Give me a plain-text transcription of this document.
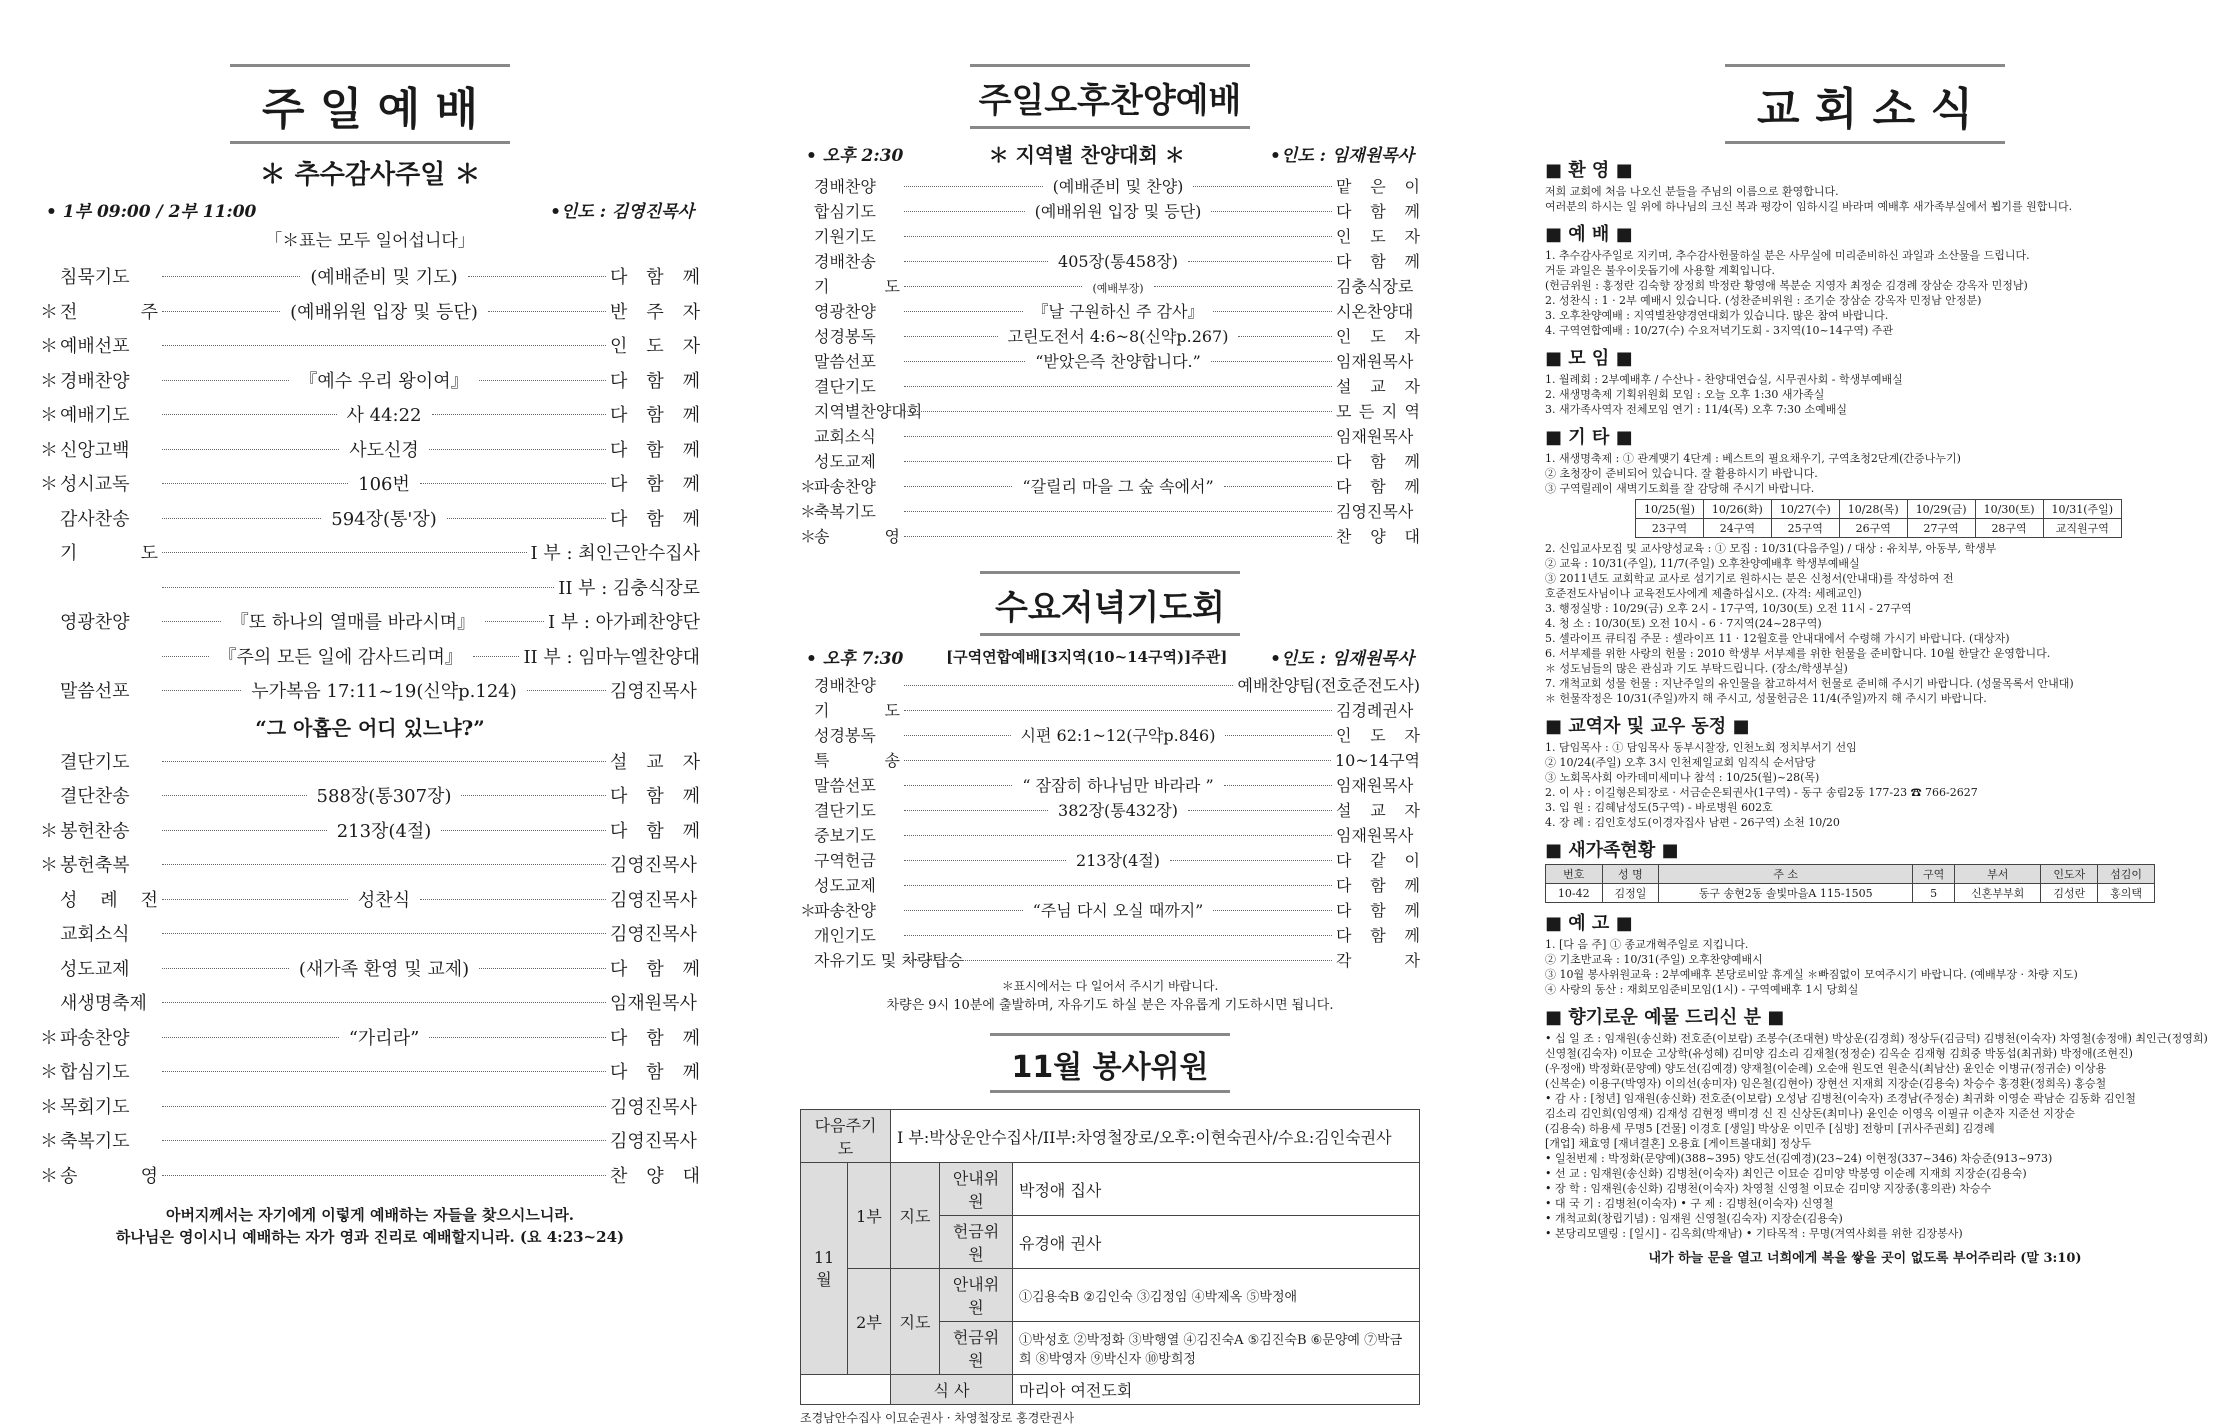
주 일 예 배
＊ 추수감사주일 ＊
• 1부 09:00 / 2부 11:00	•인도 : 김영진목사
「＊표는 모두 일어섭니다」
침묵기도	(예배준비 및 기도)	다 함 께
＊ 전 주	(예배위원 입장 및 등단)	반 주 자
＊ 예배선포	인 도 자
＊ 경배찬양	『예수 우리 왕이여』	다 함 께
＊ 예배기도	사 44:22	다 함 께
＊ 신앙고백	사도신경	다 함 께
＊ 성시교독	106번	다 함 께
감사찬송	594장(통'장)	다 함 께
기 도	I 부 : 최인근안수집사
II 부 : 김충식장로
영광찬양	『또 하나의 열매를 바라시며』	I 부 : 아가페찬양단
『주의 모든 일에 감사드리며』	II 부 : 임마누엘찬양대
말씀선포	누가복음 17:11~19(신약p.124)	김영진목사
“그 아홉은 어디 있느냐?”
결단기도	설 교 자
결단찬송	588장(통307장)	다 함 께
＊ 봉헌찬송	213장(4절)	다 함 께
＊ 봉헌축복	김영진목사
성 례 전	성찬식	김영진목사
교회소식	김영진목사
성도교제	(새가족 환영 및 교제)	다 함 께
새생명축제	임재원목사
＊ 파송찬양	“가리라”	다 함 께
＊ 합심기도	다 함 께
＊ 목회기도	김영진목사
＊ 축복기도	김영진목사
＊ 송 영	찬 양 대
아버지께서는 자기에게 이렇게 예배하는 자들을 찾으시느니라.
하나님은 영이시니 예배하는 자가 영과 진리로 예배할지니라. (요 4:23~24)
주일오후찬양예배
• 오후 2:30	＊ 지역별 찬양대회 ＊	•인도 : 임재원목사
경배찬양	(예배준비 및 찬양)	맡 은 이
합심기도	(예배위원 입장 및 등단)	다 함 께
기원기도	인 도 자
경배찬송	405장(통458장)	다 함 께
기 도	(예배부장)	김충식장로
영광찬양	『날 구원하신 주 감사』	시온찬양대
성경봉독	고린도전서 4:6~8(신약p.267)	인 도 자
말씀선포	“받았은즉 찬양합니다.”	임재원목사
결단기도	설 교 자
지역별찬양대회	모 든 지 역
교회소식	임재원목사
성도교제	다 함 께
＊
파송찬양	“갈릴리 마을 그 숲 속에서”	다 함 께
＊
축복기도	김영진목사
＊
송 영	찬 양 대
수요저녁기도회
• 오후 7:30	[구역연합예배[3지역(10~14구역)]주관]	•인도 : 임재원목사
경배찬양	예배찬양팀(전호준전도사)
기 도	김경례권사
성경봉독	시편 62:1~12(구약p.846)	인 도 자
특 송	10~14구역
말씀선포	“ 잠잠히 하나님만 바라라 ”	임재원목사
결단기도	382장(통432장)	설 교 자
중보기도	임재원목사
구역헌금	213장(4절)	다 같 이
성도교제	다 함 께
＊
파송찬양	“주님 다시 오실 때까지”	다 함 께
개인기도	다 함 께
자유기도 및 차량탑승	각 자
＊표시에서는 다 일어서 주시기 바랍니다.
차량은 9시 10분에 출발하며, 자유기도 하실 분은 자유롭게 기도하시면 됩니다.
11월 봉사위원
다음주기도		I 부:박상운안수집사/II부:차영철장로/오후:이현숙권사/수요:김인숙권사		
11월	1부	지도	안내위원	박정애 집사
			헌금위원	유경애 권사
	2부	지도	안내위원	①김용숙B ②김인숙 ③김정임 ④박제옥 ⑤박정애
			헌금위원	①박성호 ②박정화 ③박행열 ④김진숙A ⑤김진숙B ⑥문양예 ⑦박금희 ⑧박영자 ⑨박신자 ⑩방희정
		식 사		마리아 여전도회
조경남안수집사 이묘순권사 · 차영철장로 홍경란권사
교 회 소 식
■ 환 영 ■
저희 교회에 처음 나오신 분들을 주님의 이름으로 환영합니다.
여러분의 하시는 일 위에 하나님의 크신 복과 평강이 임하시길 바라며 예배후 새가족부실에서 뵙기를 원합니다.
■ 예 배 ■
1. 추수감사주일로 지키며, 추수감사헌물하실 분은 사무실에 미리준비하신 과일과 소산물을 드립니다.
거둔 과일은 불우이웃돕기에 사용할 계획입니다.
(헌금위원 : 홍정란 김숙향 장정희 박정란 황영애 복분순 지영자 최정순 김경례 장삼순 강옥자 민정남)
2. 성찬식 : 1 · 2부 예배시 있습니다. (성찬준비위원 : 조기순 장삼순 강옥자 민정남 안정분)
3. 오후찬양예배 : 지역별찬양경연대회가 있습니다. 많은 참여 바랍니다.
4. 구역연합예배 : 10/27(수) 수요저녁기도회 - 3지역(10~14구역) 주관
■ 모 임 ■
1. 월례회 : 2부예배후 / 수산나 - 찬양대연습실, 시무권사회 - 학생부예배실
2. 새생명축제 기획위원회 모임 : 오늘 오후 1:30 새가족실
3. 새가족사역자 전체모임 연기 : 11/4(목) 오후 7:30 소예배실
■ 기 타 ■
1. 새생명축제 : ① 관계맺기 4단계 : 베스트의 필요채우기, 구역초청2단계(간증나누기)
② 초청장이 준비되어 있습니다. 잘 활용하시기 바랍니다.
③ 구역릴레이 새벽기도회를 잘 감당해 주시기 바랍니다.
10/25(월)	10/26(화)	10/27(수)	10/28(목)	10/29(금)	10/30(토)	10/31(주일)
23구역	24구역	25구역	26구역	27구역	28구역	교직원구역
2. 신입교사모집 및 교사양성교육 : ① 모집 : 10/31(다음주일) / 대상 : 유치부, 아동부, 학생부
② 교육 : 10/31(주일), 11/7(주일) 오후찬양예배후 학생부예배실
③ 2011년도 교회학교 교사로 섬기기로 원하시는 분은 신청서(안내대)를 작성하여 전
호준전도사님이나 교육전도사에게 제출하십시오. (자격: 세례교인)
3. 행정실방 : 10/29(금) 오후 2시 - 17구역, 10/30(토) 오전 11시 - 27구역
4. 청 소 : 10/30(토) 오전 10시 - 6 · 7지역(24~28구역)
5. 셀라이프 큐티집 주문 : 셀라이프 11 · 12월호를 안내대에서 수령해 가시기 바랍니다. (대상자)
6. 서부제를 위한 사랑의 헌물 : 2010 학생부 서부제를 위한 헌물을 준비합니다. 10월 한달간 운영합니다.
＊ 성도님들의 많은 관심과 기도 부탁드립니다. (장소/학생부실)
7. 개척교회 성물 헌물 : 지난주일의 유인물을 참고하셔서 헌물로 준비해 주시기 바랍니다. (성물목록서 안내대)
＊ 헌물작정은 10/31(주일)까지 해 주시고, 성물헌금은 11/4(주일)까지 해 주시기 바랍니다.
■ 교역자 및 교우 동정 ■
1. 담임목사 : ① 담임목사 동부시찰장, 인천노회 정치부서기 선임
② 10/24(주일) 오후 3시 인천제일교회 임직식 순서담당
③ 노회목사회 아카데미세미나 참석 : 10/25(월)~28(목)
2. 이 사 : 이길형은퇴장로 · 서금순은퇴권사(1구역) - 동구 송림2동 177-23 ☎ 766-2627
3. 입 원 : 김혜남성도(5구역) - 바로병원 602호
4. 장 례 : 김인호성도(이경자집사 남편 - 26구역) 소천 10/20
■ 새가족현황 ■
번호	성 명	주 소	구역	부서	인도자	섬김이
10-42	김정일	동구 송현2동 솔빛마을A 115-1505	5	신혼부부회	김성란	홍의택
■ 예 고 ■
1. [다 음 주] ① 종교개혁주일로 지킵니다.
② 기초반교육 : 10/31(주일) 오후찬양예배시
③ 10월 봉사위원교육 : 2부예배후 본당로비앞 휴게실 ＊빠짐없이 모여주시기 바랍니다. (예배부장 · 차량 지도)
④ 사랑의 동산 : 재회모임준비모임(1시) - 구역예배후 1시 당회실
■ 향기로운 예물 드리신 분 ■
• 십 일 조 : 임재원(송신화) 전호준(이보람) 조봉수(조대현) 박상운(김경희) 정상두(김금덕) 김병천(이숙자) 차영철(송정애) 최인근(정영희)
신영철(김숙자) 이묘순 고상학(유성혜) 김미양 김소리 김재철(정정순) 김옥순 김재형 김희중 박동섭(최귀화) 박정애(조현진)
(우정애) 박정화(문양예) 양도선(김예경) 양재철(이순례) 오순애 원도연 원춘식(최남산) 윤인순 이병규(정귀순) 이상용
(신복순) 이용구(박영자) 이의선(송미자) 임은철(김현아) 장현선 지재희 지장순(김용숙) 차승수 홍경환(정희옥) 홍승철
• 감 사 : [청년] 임재원(송신화) 전호준(이보람) 오성남 김병천(이숙자) 조경남(주정순) 최귀화 이영순 곽남순 김동화 김인철
김소리 김인희(임영재) 김재성 김현정 백미경 신 진 신상돈(최미나) 윤인순 이영옥 이필규 이춘자 지준선 지장순
(김용숙) 하용세 무명5 [건물] 이경호 [생일] 박상운 이민주 [심방] 전항미 [귀사주권회] 김경례
[개업] 채효영 [재녀결혼] 오용효 [게이트볼대회] 정상두
• 일천번제 : 박정화(문양예)(388~395) 양도선(김예경)(23~24) 이현정(337~346) 차승준(913~973)
• 선 교 : 임재원(송신화) 김병천(이숙자) 최인근 이묘순 김미양 박봉영 이순례 지재희 지장순(김용숙)
• 장 학 : 임재원(송신화) 김병천(이숙자) 차영철 신영철 이묘순 김미양 지장종(홍의관) 차승수
• 대 국 기 : 김병천(이숙자) • 구 제 : 김병천(이숙자) 신영철
• 개척교회(창립기념) : 임재원 신영철(김숙자) 지장순(김용숙)
• 본당리모델링 : [일시] - 김옥희(박재남) • 기타목적 : 무명(겨역사회를 위한 김장봉사)
내가 하늘 문을 열고 너희에게 복을 쌓을 곳이 없도록 부어주리라 (말 3:10)
